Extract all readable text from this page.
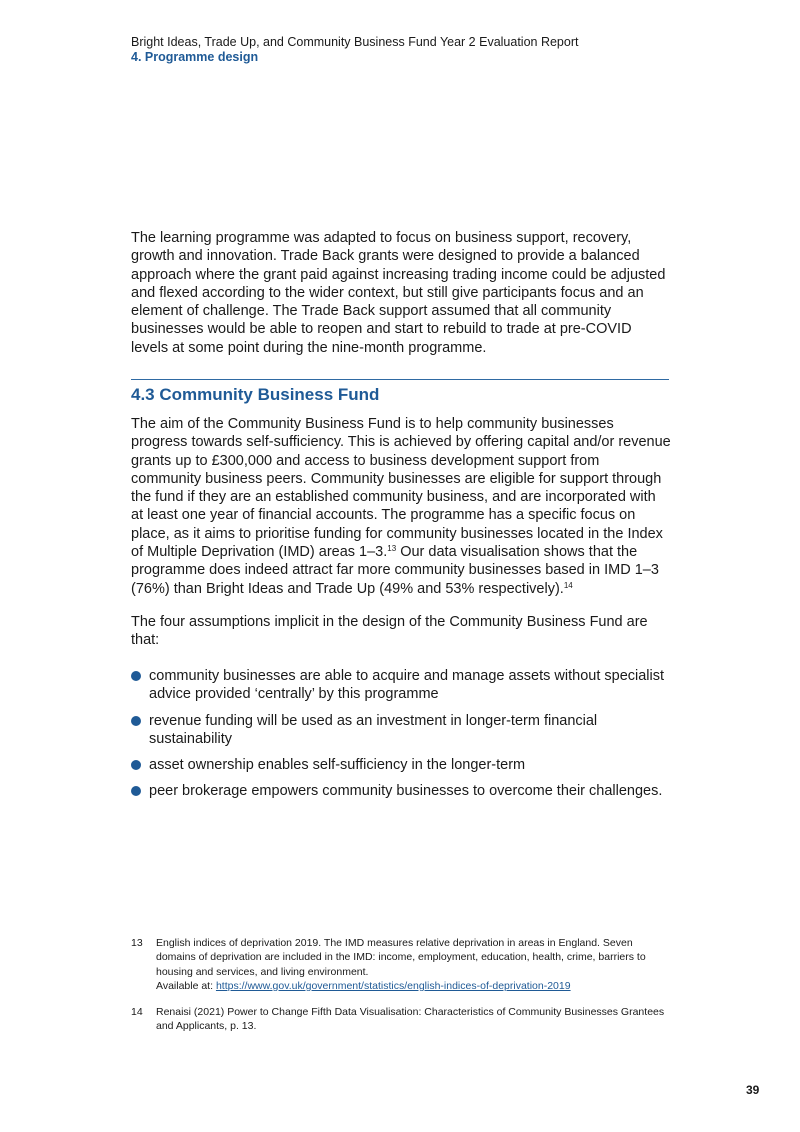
Bright Ideas, Trade Up, and Community Business Fund Year 2 Evaluation Report
4. Programme design
The learning programme was adapted to focus on business support, recovery, growth and innovation. Trade Back grants were designed to provide a balanced approach where the grant paid against increasing trading income could be adjusted and flexed according to the wider context, but still give participants focus and an element of challenge. The Trade Back support assumed that all community businesses would be able to reopen and start to rebuild to trade at pre-COVID levels at some point during the nine-month programme.
4.3 Community Business Fund
The aim of the Community Business Fund is to help community businesses progress towards self-sufficiency. This is achieved by offering capital and/or revenue grants up to £300,000 and access to business development support from community business peers. Community businesses are eligible for support through the fund if they are an established community business, and are incorporated with at least one year of financial accounts. The programme has a specific focus on place, as it aims to prioritise funding for community businesses located in the Index of Multiple Deprivation (IMD) areas 1–3.13 Our data visualisation shows that the programme does indeed attract far more community businesses based in IMD 1–3 (76%) than Bright Ideas and Trade Up (49% and 53% respectively).$^{14}$
The four assumptions implicit in the design of the Community Business Fund are that:
community businesses are able to acquire and manage assets without specialist advice provided ‘centrally’ by this programme
revenue funding will be used as an investment in longer-term financial sustainability
asset ownership enables self-sufficiency in the longer-term
peer brokerage empowers community businesses to overcome their challenges.
13 English indices of deprivation 2019. The IMD measures relative deprivation in areas in England. Seven domains of deprivation are included in the IMD: income, employment, education, health, crime, barriers to housing and services, and living environment.
Available at: https://www.gov.uk/government/statistics/english-indices-of-deprivation-2019
14 Renaisi (2021) Power to Change Fifth Data Visualisation: Characteristics of Community Businesses Grantees and Applicants, p. 13.
39
